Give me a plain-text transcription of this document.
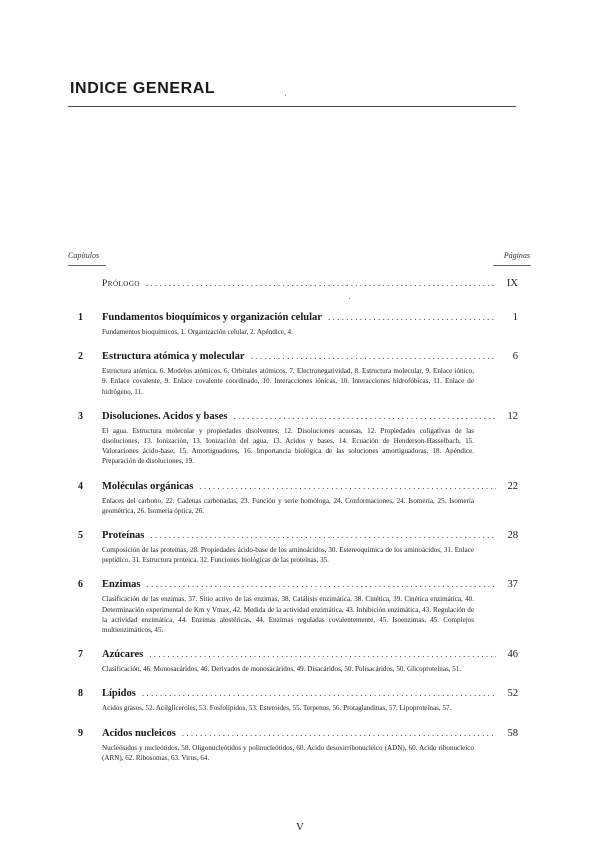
INDICE GENERAL
Capítulos	Páginas
Prólogo .....	IX
1	Fundamentos bioquímicos y organización celular .....	1
Fundamentos bioquímicos, 1. Organización celular, 2. Apéndice, 4.
2	Estructura atómica y molecular .....	6
Estructura atómica, 6. Modelos atómicos, 6. Orbitales atómicos, 7. Electronegatividad, 8. Estructura molecular, 9. Enlace iónico, 9. Enlace covalente, 9. Enlace covalente coordinado, 10. Interacciones iónicas, 10. Interacciones hidrofóbicas, 11. Enlace de hidrógeno, 11.
3	Disoluciones. Acidos y bases .....	12
El agua. Estructura molecular y propiedades disolventes, 12. Disoluciones acuosas, 12. Propiedades coligativas de las disoluciones, 13. Ionización, 13. Ionización del agua, 13. Acidos y bases, 14. Ecuación de Henderson-Hasselbach, 15. Valoraciones ácido-base, 15. Amortiguadores, 16. Importancia biológica de las soluciones amortiguadoras, 18. Apéndice. Preparación de disoluciones, 19.
4	Moléculas orgánicas .....	22
Enlaces del carbono, 22. Cadenas carbonadas, 23. Función y serie homóloga, 24. Conformaciones, 24. Isomería, 25. Isomería geométrica, 26. Isomería óptica, 26.
5	Proteínas .....	28
Composición de las proteínas, 28. Propiedades ácido-base de los aminoácidos, 30. Estereoquímica de los aminoácidos, 31. Enlace peptídico, 31. Estructura proteica, 32. Funciones biológicas de las proteínas, 35.
6	Enzimas .....	37
Clasificación de las enzimas, 37. Sitio activo de las enzimas, 38. Catálisis enzimática, 38. Cinética, 39. Cinética enzimática, 40. Determinación experimental de Km y Vmax, 42. Medida de la actividad enzimática, 43. Inhibición enzimática, 43. Regulación de la actividad enzimática, 44. Enzimas alostéricas, 44. Enzimas reguladas covalentemente, 45. Isoenzimas, 45. Complejos multienzimáticos, 45.
7	Azúcares .....	46
Clasificación, 46. Monosacáridos, 46. Derivados de monosacáridos, 49. Disacáridos, 50. Polisacáridos, 50. Glicoproteínas, 51.
8	Lípidos .....	52
Acidos grasos, 52. Acilgliceroles, 53. Fosfolípidos, 53. Esteroides, 55. Terpenos, 56. Protaglandinas, 57. Lipoproteínas, 57.
9	Acidos nucleicos .....	58
Nucleósidos y nucleótidos, 58. Oligonucleótidos y polinucleótidos, 60. Acido desoxirribonucleico (ADN), 60. Acido ribonucleico (ARN), 62. Ribosomas, 63. Virus, 64.
V
